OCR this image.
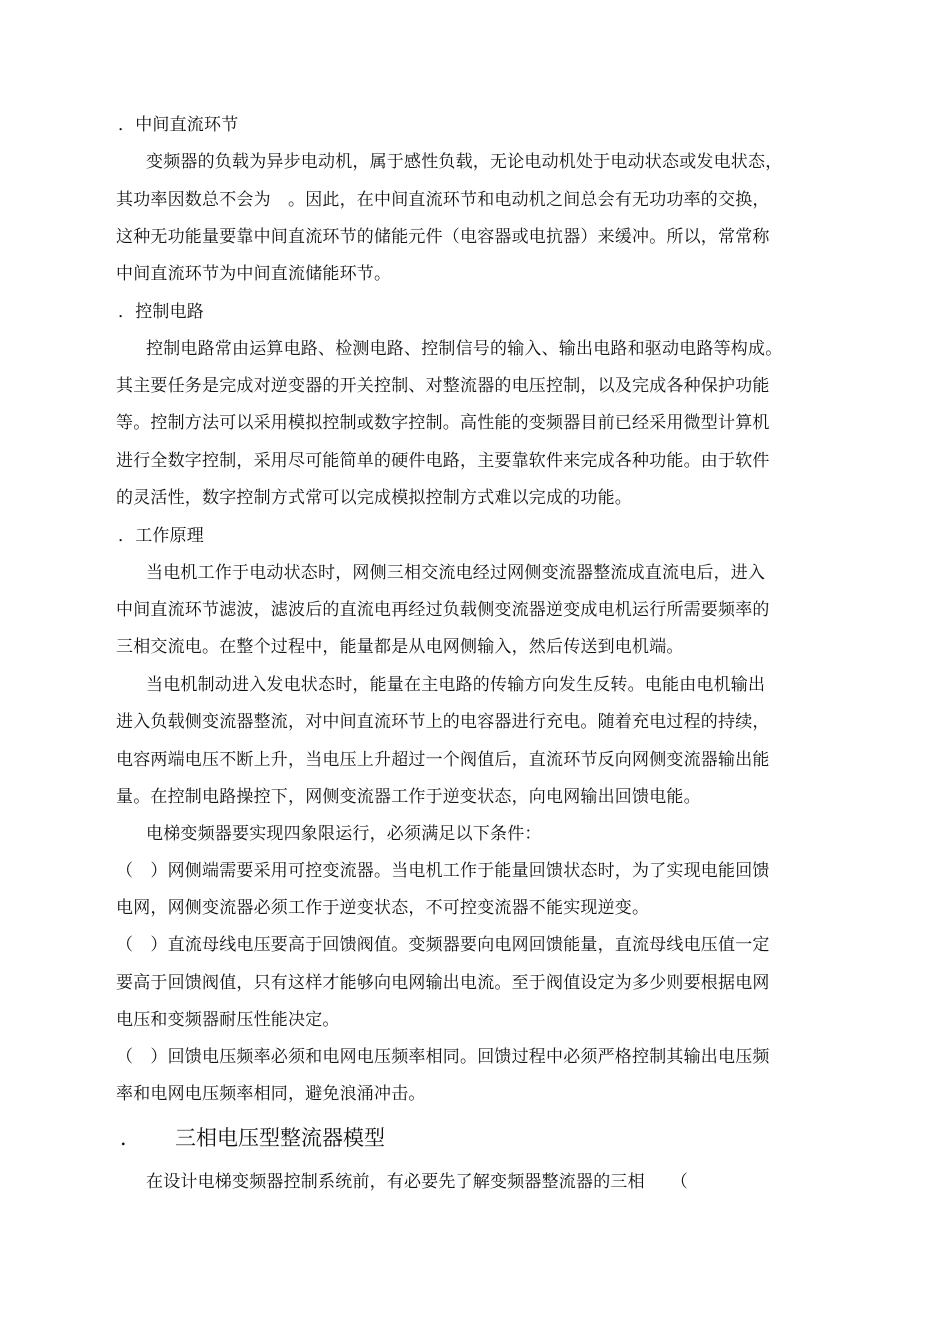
．中间直流环节
变频器的负载为异步电动机，属于感性负载，无论电动机处于电动状态或发电状态，
其功率因数总不会为　。因此，在中间直流环节和电动机之间总会有无功功率的交换，
这种无功能量要靠中间直流环节的储能元件（电容器或电抗器）来缓冲。所以，常常称
中间直流环节为中间直流储能环节。
．控制电路
控制电路常由运算电路、检测电路、控制信号的输入、输出电路和驱动电路等构成。
其主要任务是完成对逆变器的开关控制、对整流器的电压控制，以及完成各种保护功能
等。控制方法可以采用模拟控制或数字控制。高性能的变频器目前已经采用微型计算机
进行全数字控制，采用尽可能简单的硬件电路，主要靠软件来完成各种功能。由于软件
的灵活性，数字控制方式常可以完成模拟控制方式难以完成的功能。
．工作原理
当电机工作于电动状态时，网侧三相交流电经过网侧变流器整流成直流电后，进入
中间直流环节滤波，滤波后的直流电再经过负载侧变流器逆变成电机运行所需要频率的
三相交流电。在整个过程中，能量都是从电网侧输入，然后传送到电机端。
当电机制动进入发电状态时，能量在主电路的传输方向发生反转。电能由电机输出
进入负载侧变流器整流，对中间直流环节上的电容器进行充电。随着充电过程的持续，
电容两端电压不断上升，当电压上升超过一个阀值后，直流环节反向网侧变流器输出能
量。在控制电路操控下，网侧变流器工作于逆变状态，向电网输出回馈电能。
电梯变频器要实现四象限运行，必须满足以下条件：
（　）网侧端需要采用可控变流器。当电机工作于能量回馈状态时，为了实现电能回馈
电网，网侧变流器必须工作于逆变状态，不可控变流器不能实现逆变。
（　）直流母线电压要高于回馈阀值。变频器要向电网回馈能量，直流母线电压值一定
要高于回馈阀值，只有这样才能够向电网输出电流。至于阀值设定为多少则要根据电网
电压和变频器耐压性能决定。
（　）回馈电压频率必须和电网电压频率相同。回馈过程中必须严格控制其输出电压频
率和电网电压频率相同，避免浪涌冲击。
． 三相电压型整流器模型
在设计电梯变频器控制系统前，有必要先了解变频器整流器的三相　　（
